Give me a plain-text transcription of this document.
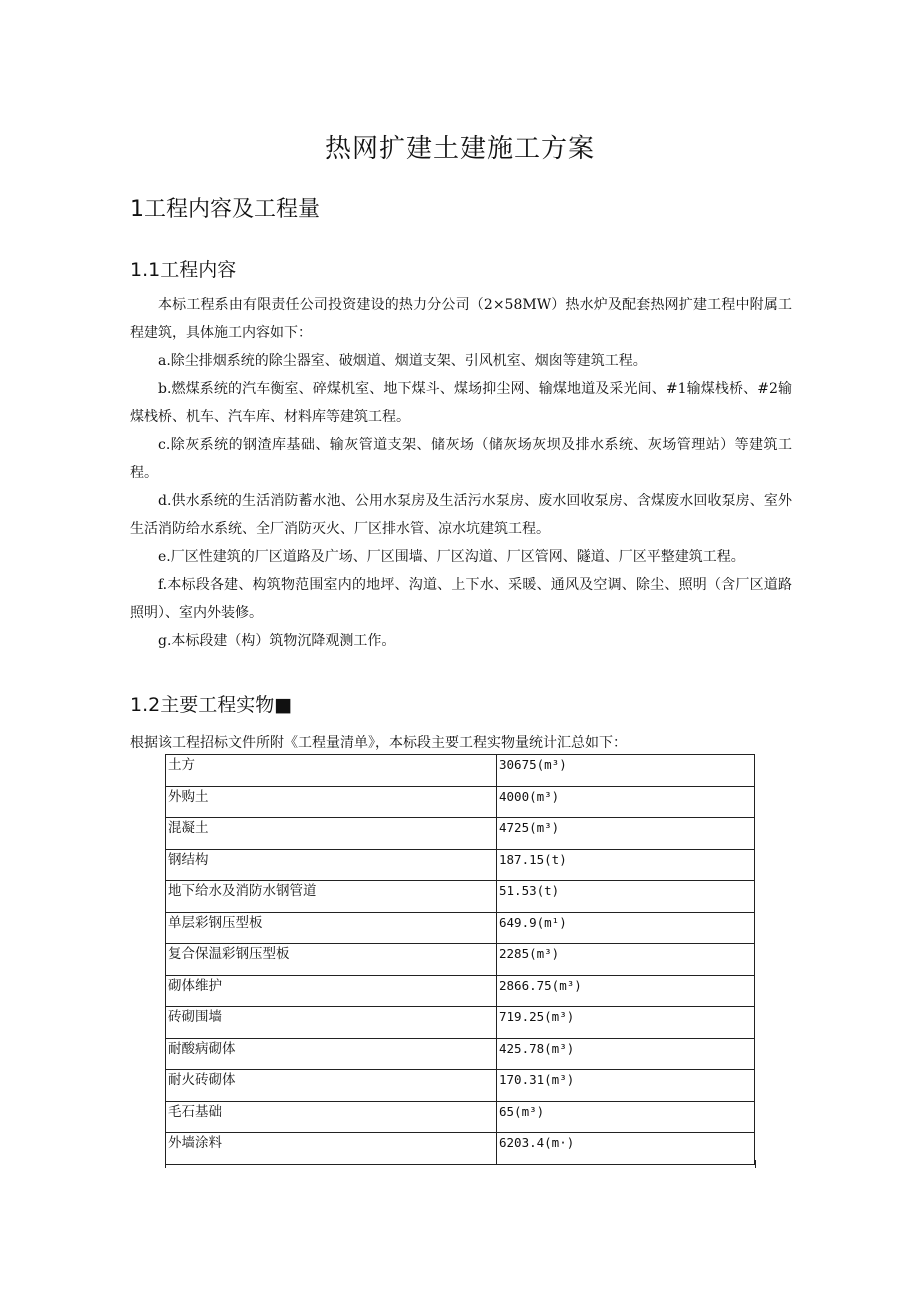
热网扩建土建施工方案
1工程内容及工程量
1.1工程内容

本标工程系由有限责任公司投资建设的热力分公司（2×58MW）热水炉及配套热网扩建工程中附属工程建筑，具体施工内容如下：

a.除尘排烟系统的除尘器室、破烟道、烟道支架、引风机室、烟囱等建筑工程。

b.燃煤系统的汽车衡室、碎煤机室、地下煤斗、煤场抑尘网、输煤地道及采光间、#1输煤栈桥、#2输煤栈桥、机车、汽车库、材料库等建筑工程。

c.除灰系统的钢渣库基础、输灰管道支架、储灰场（储灰场灰坝及排水系统、灰场管理站）等建筑工程。

d.供水系统的生活消防蓄水池、公用水泵房及生活污水泵房、废水回收泵房、含煤废水回收泵房、室外生活消防给水系统、全厂消防灭火、厂区排水管、凉水坑建筑工程。

e.厂区性建筑的厂区道路及广场、厂区围墙、厂区沟道、厂区管网、隧道、厂区平整建筑工程。

f.本标段各建、构筑物范围室内的地坪、沟道、上下水、采暖、通风及空调、除尘、照明（含厂区道路照明）、室内外装修。

g.本标段建（构）筑物沉降观测工作。

1.2主要工程实物■
根据该工程招标文件所附《工程量清单》，本标段主要工程实物量统计汇总如下：
土方	30675(m³)
外购土	4000(m³)
混凝土	4725(m³)
钢结构	187.15(t)
地下给水及消防水钢管道	51.53(t)
单层彩钢压型板	649.9(m¹)
复合保温彩钢压型板	2285(m³)
砌体维护	2866.75(m³)
砖砌围墙	719.25(m³)
耐酸病砌体	425.78(m³)
耐火砖砌体	170.31(m³)
毛石基础	65(m³)
外墙涂料	6203.4(m·)
